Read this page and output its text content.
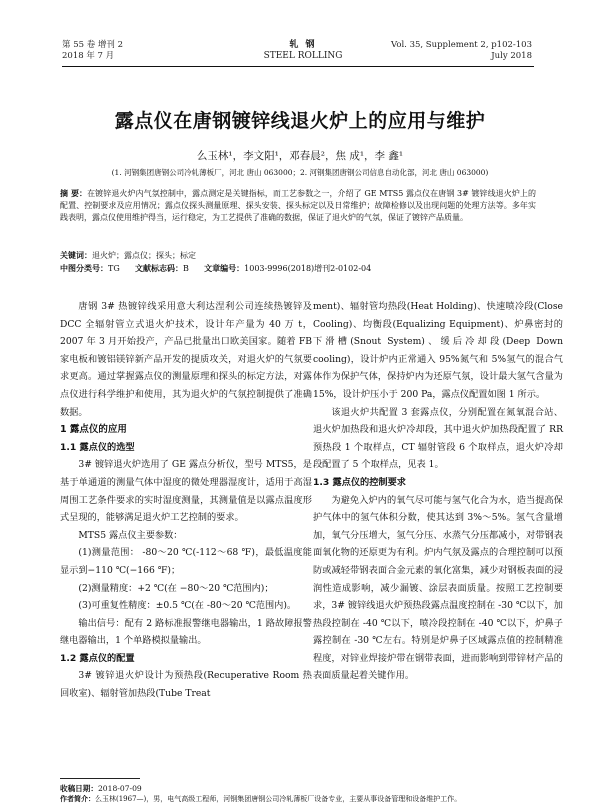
第 55 卷 增刊 2
2018 年 7 月
轧 钢
STEEL ROLLING
Vol. 35, Supplement 2, p102-103
July 2018
露点仪在唐钢镀锌线退火炉上的应用与维护
么玉林¹，李文阳¹，邓春晨²，焦 成¹，李 鑫¹
(1. 河钢集团唐钢公司冷轧薄板厂，河北 唐山 063000；2. 河钢集团唐钢公司信息自动化部，河北 唐山 063000)
摘 要：在镀锌退火炉内气氛控制中，露点测定是关键指标，而工艺参数之一，介绍了 GE MTS5 露点仪在唐钢 3# 镀锌线退火炉上的配置、控制要求及应用情况；露点仪探头测量原理、探头安装、探头标定以及日常维护；故障检修以及出现问题的处理方法等。多年实践表明，露点仪使用维护得当，运行稳定，为工艺提供了准确的数据，保证了退火炉的气氛，保证了镀锌产品质量。
关键词：退火炉；露点仪；探头；标定
中图分类号：TG 文献标志码：B 文章编号：1003-9996(2018)增刊2-0102-04

唐钢 3# 热镀锌线采用意大利达涅利公司连续热镀锌及 DCC 全辐射管立式退火炉技术，设计年产量为 40 万 t，2007 年 3 月开始投产，产品已批量出口欧美国家。随着 FB 家电板和镀铝镁锌新产品开发的提质攻关，对退火炉的气氛要求更高。通过掌握露点仪的测量原理和探头的标定方法，对露点仪进行科学维护和使用，其为退火炉的气氛控制提供了准确数据。

1 露点仪的应用
1.1 露点仪的选型

3# 镀锌退火炉选用了 GE 露点分析仪，型号 MTS5，是基于单通道的测量气体中湿度的微处理器湿度计，适用于高湿周围工艺条件要求的实时湿度测量，其测量值是以露点温度形式呈现的，能够满足退火炉工艺控制的要求。

MTS5 露点仪主要参数：

(1)测量范围： -80～20 ℃(-112～68 ℉)，最低温度能显示到−110 ℃(−166 ℉)；

(2)测量精度：+2 ℃(在 −80～20 ℃范围内)；

(3)可重复性精度：±0.5 ℃(在 -80～20 ℃范围内)。

输出信号：配有 2 路标准报警继电器输出，1 路故障报警继电器输出，1 个单路模拟量输出。

1.2 露点仪的配置

3# 镀锌退火炉设计为预热段(Recuperative Room 热回收室)、辐射管加热段(Tube Treat

ment)、辐射管均热段(Heat Holding)、快速喷冷段(Close Cooling)、均衡段(Equalizing Equipment)、炉鼻密封的下滑槽(Snout System)、缓后冷却段(Deep Down cooling)，设计炉内正常通入 95%氮气和 5%氢气的混合气体作为保护气体，保持炉内为还原气氛，设计最大氢气含量为 15%，设计炉压小于 200 Pa，露点仪配置如图 1 所示。

该退火炉共配置 3 套露点仪，分别配置在氮氧混合站、退火炉加热段和退火炉冷却段，其中退火炉加热段配置了 RR 预热段 1 个取样点，CT 辐射管段 6 个取样点，退火炉冷却段配置了 5 个取样点，见表 1。

1.3 露点仪的控制要求

为避免入炉内的氧气尽可能与氢气化合为水，造当提高保护气体中的氢气体积分数，使其达到 3%～5%。氢气含量增加，氧气分压增大，氢气分压、水蒸气分压都减小，对带钢表面氧化物的还原更为有利。炉内气氛及露点的合理控制可以预防或减轻带钢表面合金元素的氧化富集，减少对钢板表面的浸润性造成影响，减少漏镀、涂层表面质量。按照工艺控制要求，3# 镀锌线退火炉预热段露点温度控制在 -30 ℃以下，加热段控制在 -40 ℃以下，喷冷段控制在 -40 ℃以下，炉鼻子露控制在 -30 ℃左右。特别是炉鼻子区域露点值的控制精准程度，对锌业焊接炉带在钢带表面，进而影响到带锌材产品的表面质量起着关键作用。

收稿日期：2018-07-09
作者简介：么玉林(1967—)，男，电气高级工程师，河钢集团唐钢公司冷轧薄板厂设备专业，主要从事设备管理和设备维护工作。
